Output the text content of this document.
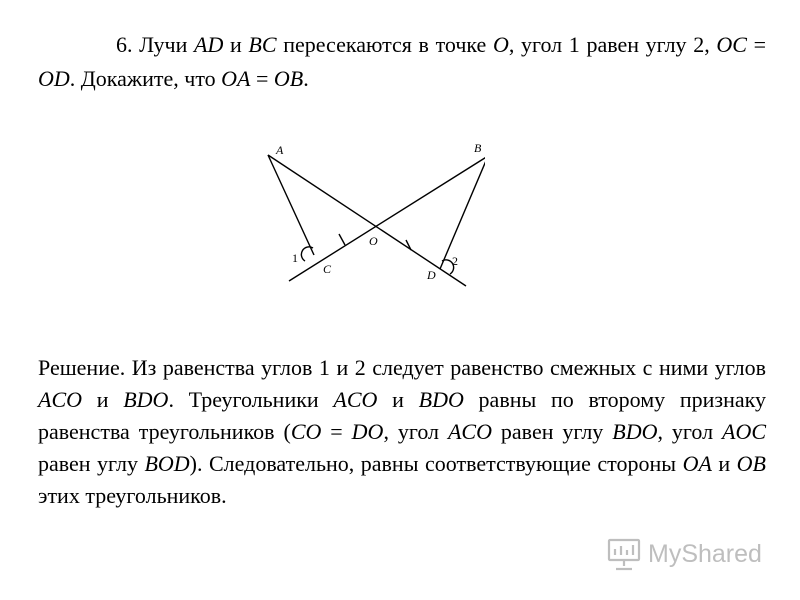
6. Лучи AD и BC пересекаются в точке O, угол 1 равен углу 2, OC = OD. Докажите, что OA = OB.

A	B
O
C	D
1	2

Решение. Из равенства углов 1 и 2 следует равенство смежных с ними углов ACO и BDO. Треугольники ACO и BDO равны по второму признаку равенства треугольников (CO = DO, угол ACO равен углу BDO, угол AOC равен углу BOD). Следовательно, равны соответствующие стороны OA и OB этих треугольников.

MyShared
